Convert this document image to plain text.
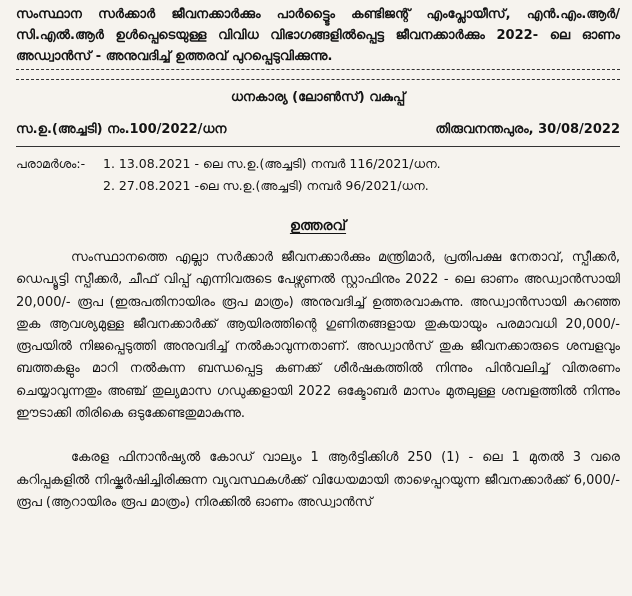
സംസ്ഥാന സർക്കാർ ജീവനക്കാർക്കും പാർട്ട്ടൈം കണ്ടിജന്റ് എംപ്ലോയീസ്, എൻ.എം.ആർ/സി.എൽ.ആർ ഉൾപ്പെടെയുള്ള വിവിധ വിഭാഗങ്ങളിൽപ്പെട്ട ജീവനക്കാർക്കും 2022- ലെ ഓണം അഡ്വാൻസ് - അനുവദിച്ച് ഉത്തരവ് പുറപ്പെടുവിക്കുന്നു.

ധനകാര്യ (ലോൺസ്) വകുപ്പ്
സ.ഉ.(അച്ചടി) നം.100/2022/ധന	തിരുവനന്തപുരം, 30/08/2022
പരാമർശം:-	1. 13.08.2021 - ലെ സ.ഉ.(അച്ചടി) നമ്പർ 116/2021/ധന.
2. 27.08.2021 -ലെ സ.ഉ.(അച്ചടി) നമ്പർ 96/2021/ധന.
ഉത്തരവ്

സംസ്ഥാനത്തെ എല്ലാ സർക്കാർ ജീവനക്കാർക്കും മന്ത്രിമാർ, പ്രതിപക്ഷ നേതാവ്, സ്പീക്കർ, ഡെപ്യൂട്ടി സ്പീക്കർ, ചീഫ് വിപ്പ് എന്നിവരുടെ പേഴ്സണൽ സ്റ്റാഫിനും 2022 - ലെ ഓണം അഡ്വാൻസായി 20,000/- രൂപ (ഇരുപതിനായിരം രൂപ മാത്രം) അനുവദിച്ച് ഉത്തരവാകുന്നു. അഡ്വാൻസായി കുറഞ്ഞ തുക ആവശ്യമുള്ള ജീവനക്കാർക്ക് ആയിരത്തിന്റെ ഗുണിതങ്ങളായ തുകയായും പരമാവധി 20,000/- രൂപയിൽ നിജപ്പെടുത്തി അനുവദിച്ച് നൽകാവുന്നതാണ്. അഡ്വാൻസ് തുക ജീവനക്കാരുടെ ശമ്പളവും ബത്തകളും മാറി നൽകുന്ന ബന്ധപ്പെട്ട കണക്ക് ശീർഷകത്തിൽ നിന്നും പിൻവലിച്ച് വിതരണം ചെയ്യാവുന്നതും അഞ്ച് തുല്യമാസ ഗഡുക്കളായി 2022 ഒക്ടോബർ മാസം മുതലുള്ള ശമ്പളത്തിൽ നിന്നും ഈടാക്കി തിരികെ ഒടുക്കേണ്ടതുമാകുന്നു.

കേരള ഫിനാൻഷ്യൽ കോഡ് വാല്യം 1 ആർട്ടിക്കിൾ 250 (1) - ലെ 1 മുതൽ 3 വരെ കറിപ്പകളിൽ നിഷ്കർഷിച്ചിരിക്കുന്ന വ്യവസ്ഥകൾക്ക് വിധേയമായി താഴെപ്പറയുന്ന ജീവനക്കാർക്ക് 6,000/- രൂപ (ആറായിരം രൂപ മാത്രം) നിരക്കിൽ ഓണം അഡ്വാൻസ്
